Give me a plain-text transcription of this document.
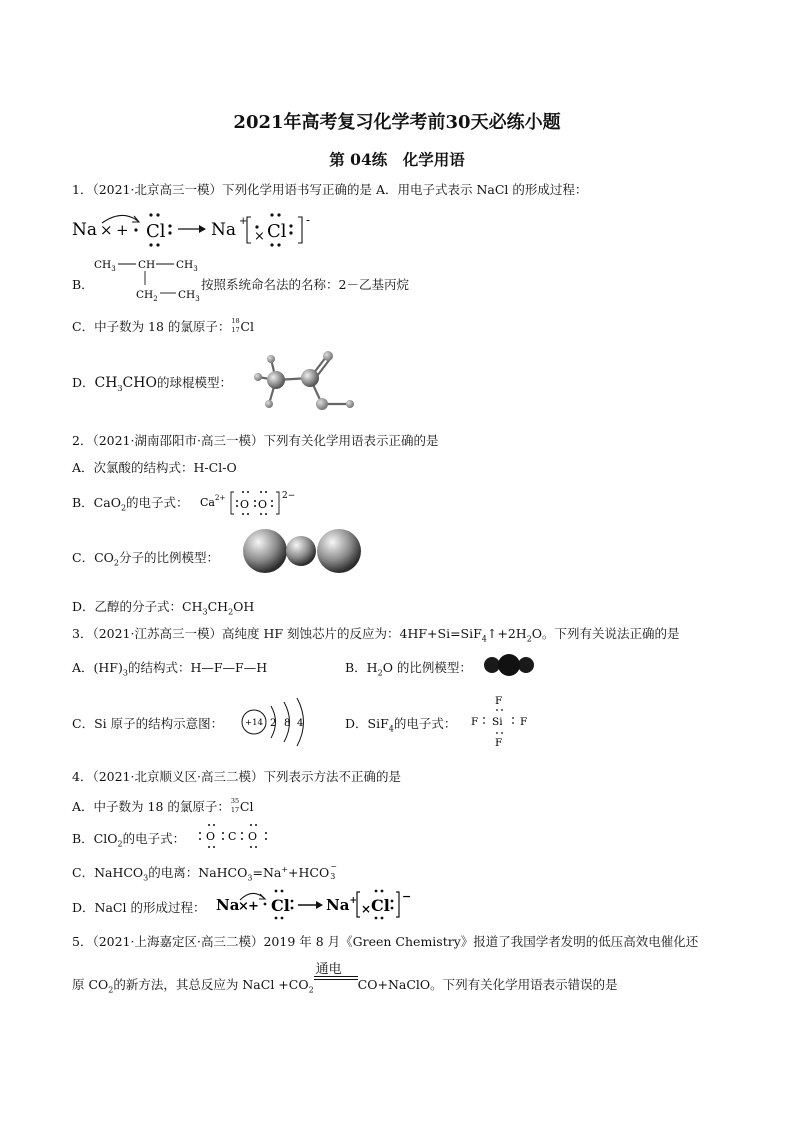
2021年高考复习化学考前30天必练小题
第 04练　化学用语
1．（2021·北京高三一模）下列化学用语书写正确的是 A．用电子式表示 NaCl 的形成过程：
Na × + Cl	Na +
× Cl
-
B．
$CH_3$ CH $CH_3$
$CH_2$ $CH_3$
按照系统命名法的名称：2－乙基丙烷
C．中子数为 18 的氯原子： 18
17 Cl
D．$CH_3CHO$的球棍模型：
2．（2021·湖南邵阳市·高三一模）下列有关化学用语表示正确的是
A．次氯酸的结构式：H-Cl-O
B．CaO$_2$的电子式： $Ca^{2+}$ O O
2−
C．$CO_2$分子的比例模型：
D．乙醇的分子式：$CH_3CH_2OH$
3．（2021·江苏高三一模）高纯度 HF 刻蚀芯片的反应为：$4HF+Si=SiF_4↑+2H_2O$。下列有关说法正确的是
A．$(HF)_3$的结构式：H—F—F—H	B．$H_2O$ 的比例模型：
C．Si 原子的结构示意图：	+14 2 8 4	D．SiF$_4$的电子式：
F
F Si F
F
4．（2021·北京顺义区·高三二模）下列表示方法不正确的是
A．中子数为 18 的氯原子： 35
17 Cl
B．ClO$_2$的电子式： O C O
C．NaHCO$_3$的电离：NaHCO$_3$=Na++HCO −
3
D．NaCl 的形成过程： Na
× + Cl Na+
× Cl −
5．（2021·上海嘉定区·高三二模）2019 年 8 月《Green Chemistry》报道了我国学者发明的低压高效电催化还
原 $CO_2$的新方法，其总反应为 NaCl $+CO_2$
通电
CO+NaClO。下列有关化学用语表示错误的是
